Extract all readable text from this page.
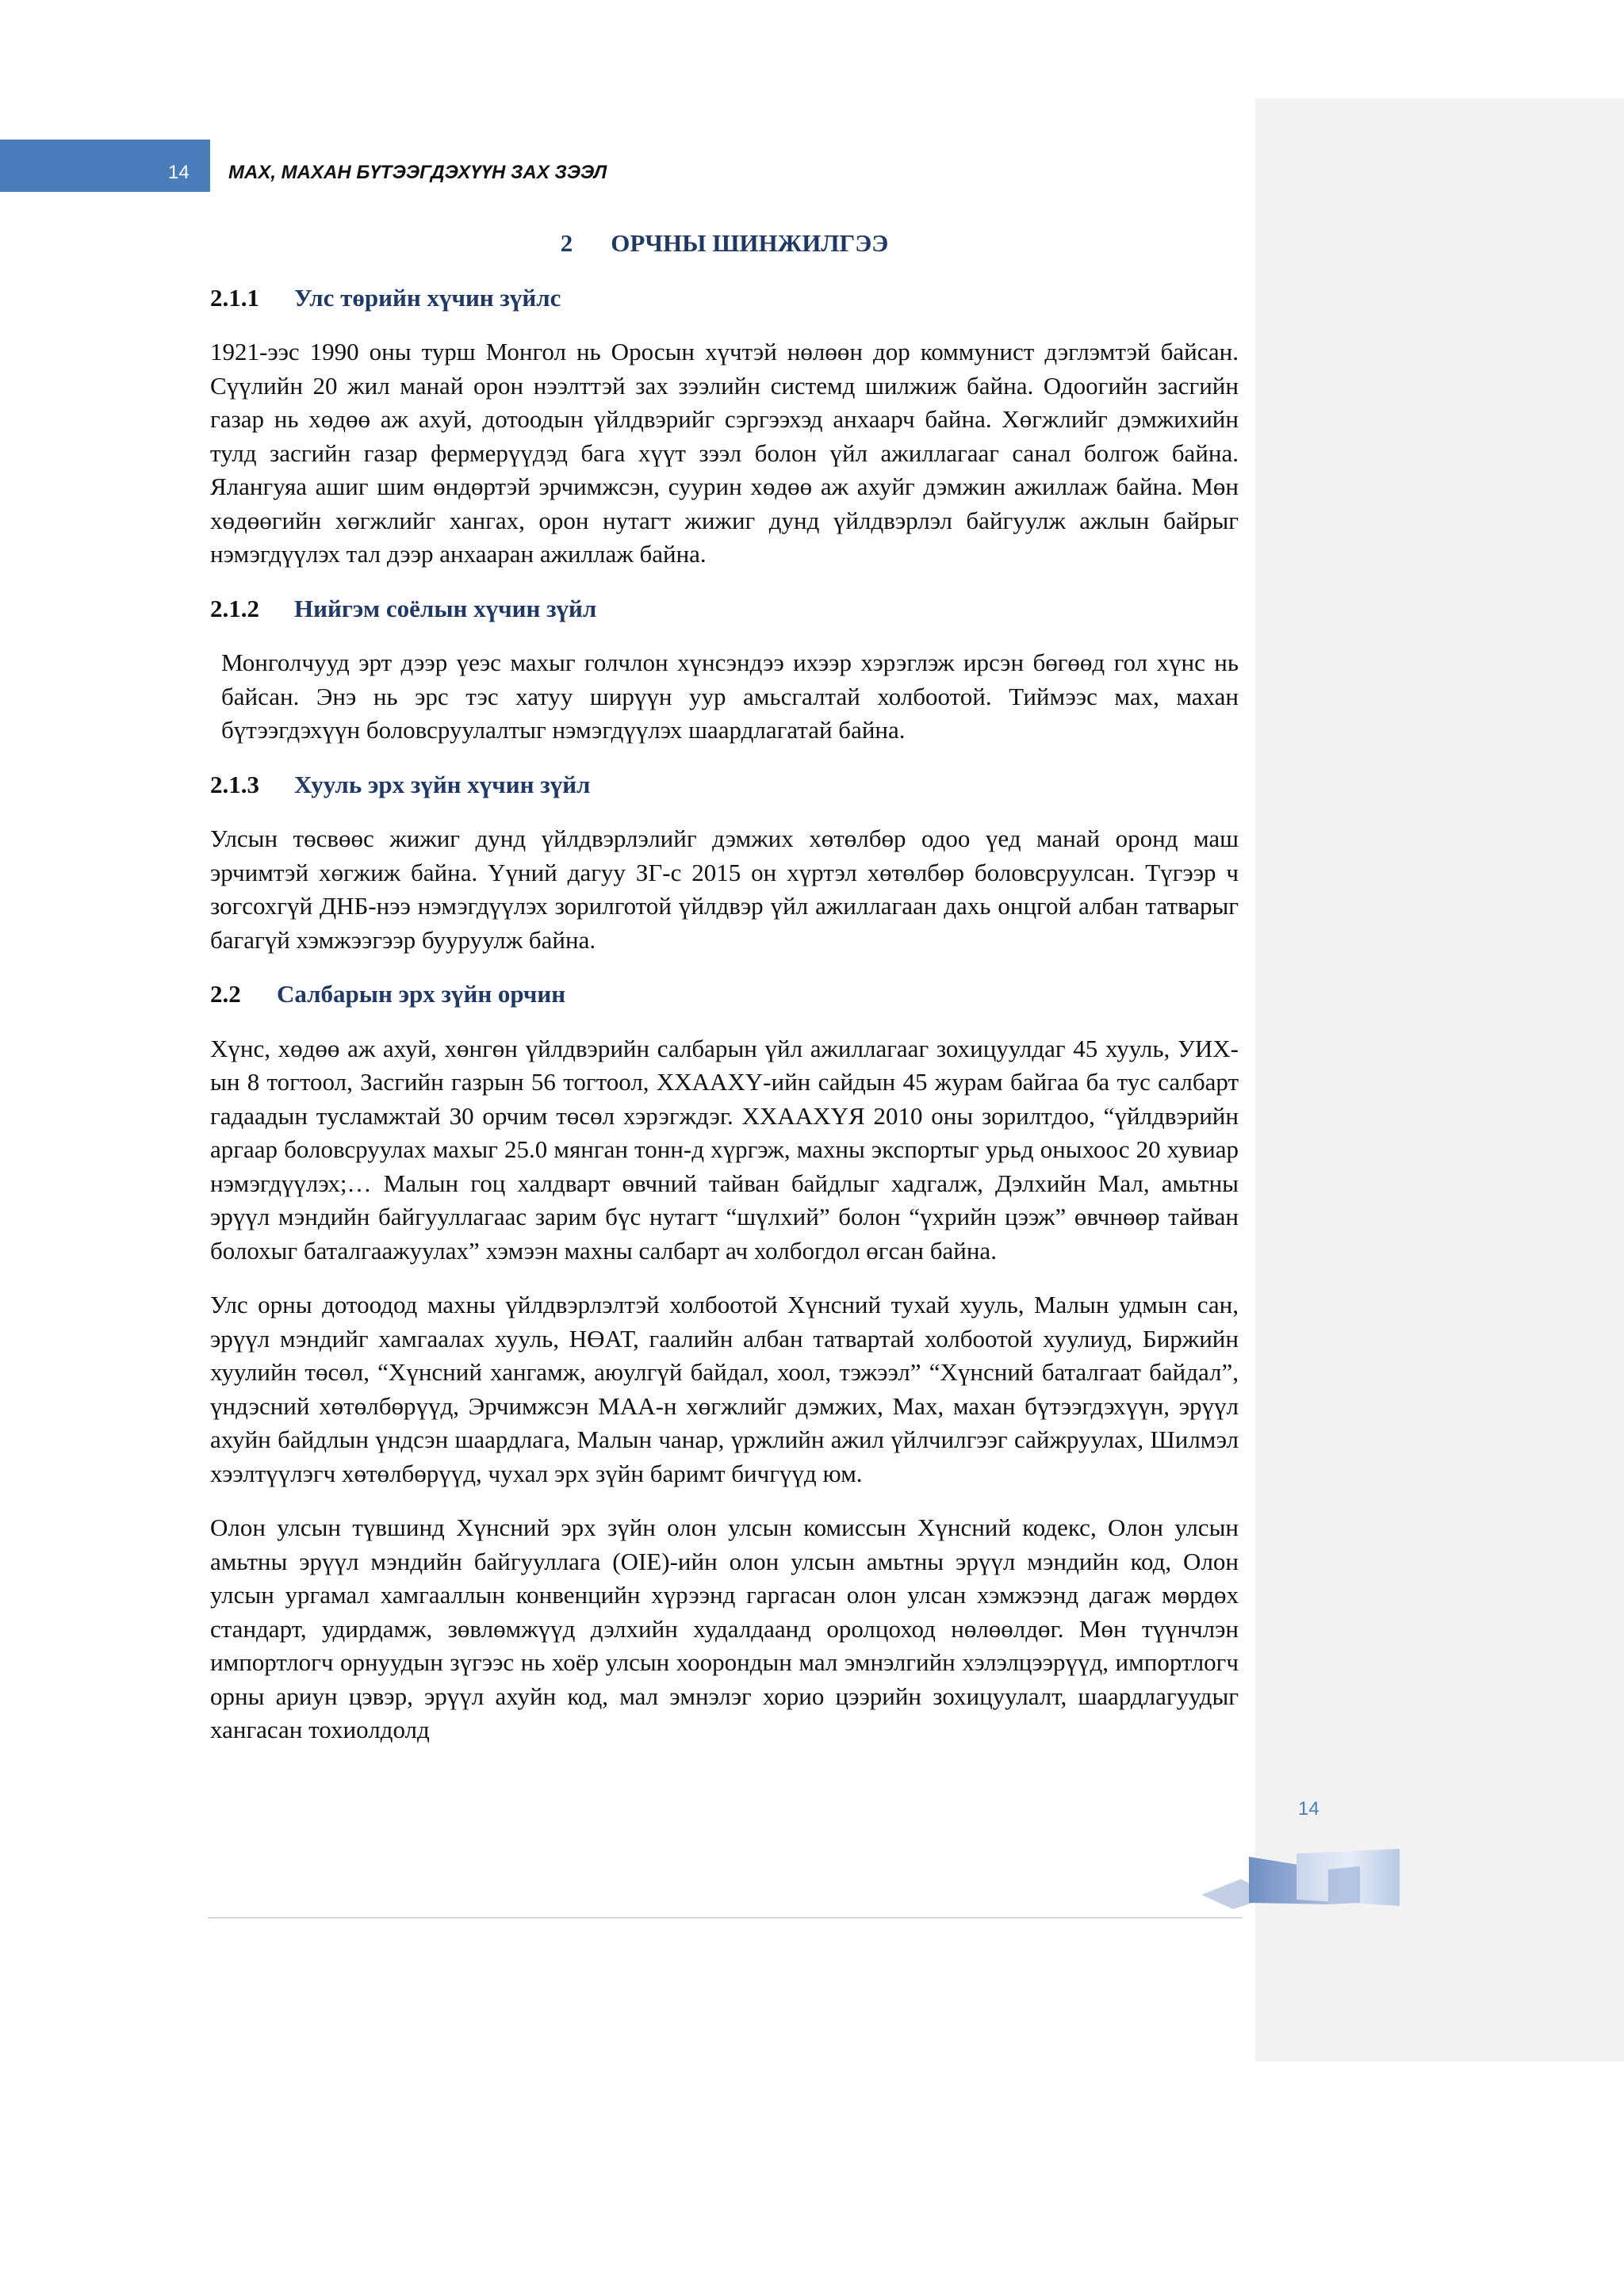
14	МАХ, МАХАН БҮТЭЭГДЭХҮҮН ЗАХ ЗЭЭЛ
2 ОРЧНЫ ШИНЖИЛГЭЭ
2.1.1 Улс төрийн хүчин зүйлс

1921-ээс 1990 оны турш Монгол нь Оросын хүчтэй нөлөөн дор коммунист дэглэмтэй байсан. Сүүлийн 20 жил манай орон нээлттэй зах зээлийн системд шилжиж байна. Одоогийн засгийн газар нь хөдөө аж ахуй, дотоодын үйлдвэрийг сэргээхэд анхаарч байна. Хөгжлийг дэмжихийн тулд засгийн газар фермерүүдэд бага хүүт зээл болон үйл ажиллагааг санал болгож байна. Ялангуяа ашиг шим өндөртэй эрчимжсэн, суурин хөдөө аж ахуйг дэмжин ажиллаж байна. Мөн хөдөөгийн хөгжлийг хангах, орон нутагт жижиг дунд үйлдвэрлэл байгуулж ажлын байрыг нэмэгдүүлэх тал дээр анхааран ажиллаж байна.

2.1.2 Нийгэм соёлын хүчин зүйл

Монголчууд эрт дээр үеэс махыг голчлон хүнсэндээ ихээр хэрэглэж ирсэн бөгөөд гол хүнс нь байсан. Энэ нь эрс тэс хатуу ширүүн уур амьсгалтай холбоотой. Тиймээс мах, махан бүтээгдэхүүн боловсруулалтыг нэмэгдүүлэх шаардлагатай байна.

2.1.3 Хууль эрх зүйн хүчин зүйл

Улсын төсвөөс жижиг дунд үйлдвэрлэлийг дэмжих хөтөлбөр одоо үед манай оронд маш эрчимтэй хөгжиж байна. Үүний дагуу ЗГ-с 2015 он хүртэл хөтөлбөр боловсруулсан. Түгээр ч зогсохгүй ДНБ-нээ нэмэгдүүлэх зорилготой үйлдвэр үйл ажиллагаан дахь онцгой албан татварыг багагүй хэмжээгээр бууруулж байна.

2.2 Салбарын эрх зүйн орчин

Хүнс, хөдөө аж ахуй, хөнгөн үйлдвэрийн салбарын үйл ажиллагааг зохицуулдаг 45 хууль, УИХ-ын 8 тогтоол, Засгийн газрын 56 тогтоол, ХХААХҮ-ийн сайдын 45 журам байгаа ба тус салбарт гадаадын тусламжтай 30 орчим төсөл хэрэгждэг. ХХААХҮЯ 2010 оны зорилтдоо, “үйлдвэрийн аргаар боловсруулах махыг 25.0 мянган тонн-д хүргэж, махны экспортыг урьд оныхоос 20 хувиар нэмэгдүүлэх;… Малын гоц халдварт өвчний тайван байдлыг хадгалж, Дэлхийн Мал, амьтны эрүүл мэндийн байгууллагаас зарим бүс нутагт “шүлхий” болон “үхрийн цээж” өвчнөөр тайван болохыг баталгаажуулах” хэмээн махны салбарт ач холбогдол өгсан байна.

Улс орны дотоодод махны үйлдвэрлэлтэй холбоотой Хүнсний тухай хууль, Малын удмын сан, эрүүл мэндийг хамгаалах хууль, НӨАТ, гаалийн албан татвартай холбоотой хуулиуд, Биржийн хуулийн төсөл, “Хүнсний хангамж, аюулгүй байдал, хоол, тэжээл” “Хүнсний баталгаат байдал”, үндэсний хөтөлбөрүүд, Эрчимжсэн МАА-н хөгжлийг дэмжих, Мах, махан бүтээгдэхүүн, эрүүл ахуйн байдлын үндсэн шаардлага, Малын чанар, үржлийн ажил үйлчилгээг сайжруулах, Шилмэл хээлтүүлэгч хөтөлбөрүүд, чухал эрх зүйн баримт бичгүүд юм.

Олон улсын түвшинд Хүнсний эрх зүйн олон улсын комиссын Хүнсний кодекс, Олон улсын амьтны эрүүл мэндийн байгууллага (OIE)-ийн олон улсын амьтны эрүүл мэндийн код, Олон улсын ургамал хамгааллын конвенцийн хүрээнд гаргасан олон улсан хэмжээнд дагаж мөрдөх стандарт, удирдамж, зөвлөмжүүд дэлхийн худалдаанд оролцоход нөлөөлдөг. Мөн түүнчлэн импортлогч орнуудын зүгээс нь хоёр улсын хоорондын мал эмнэлгийн хэлэлцээрүүд, импортлогч орны ариун цэвэр, эрүүл ахуйн код, мал эмнэлэг хорио цээрийн зохицуулалт, шаардлагуудыг хангасан тохиолдолд

14
